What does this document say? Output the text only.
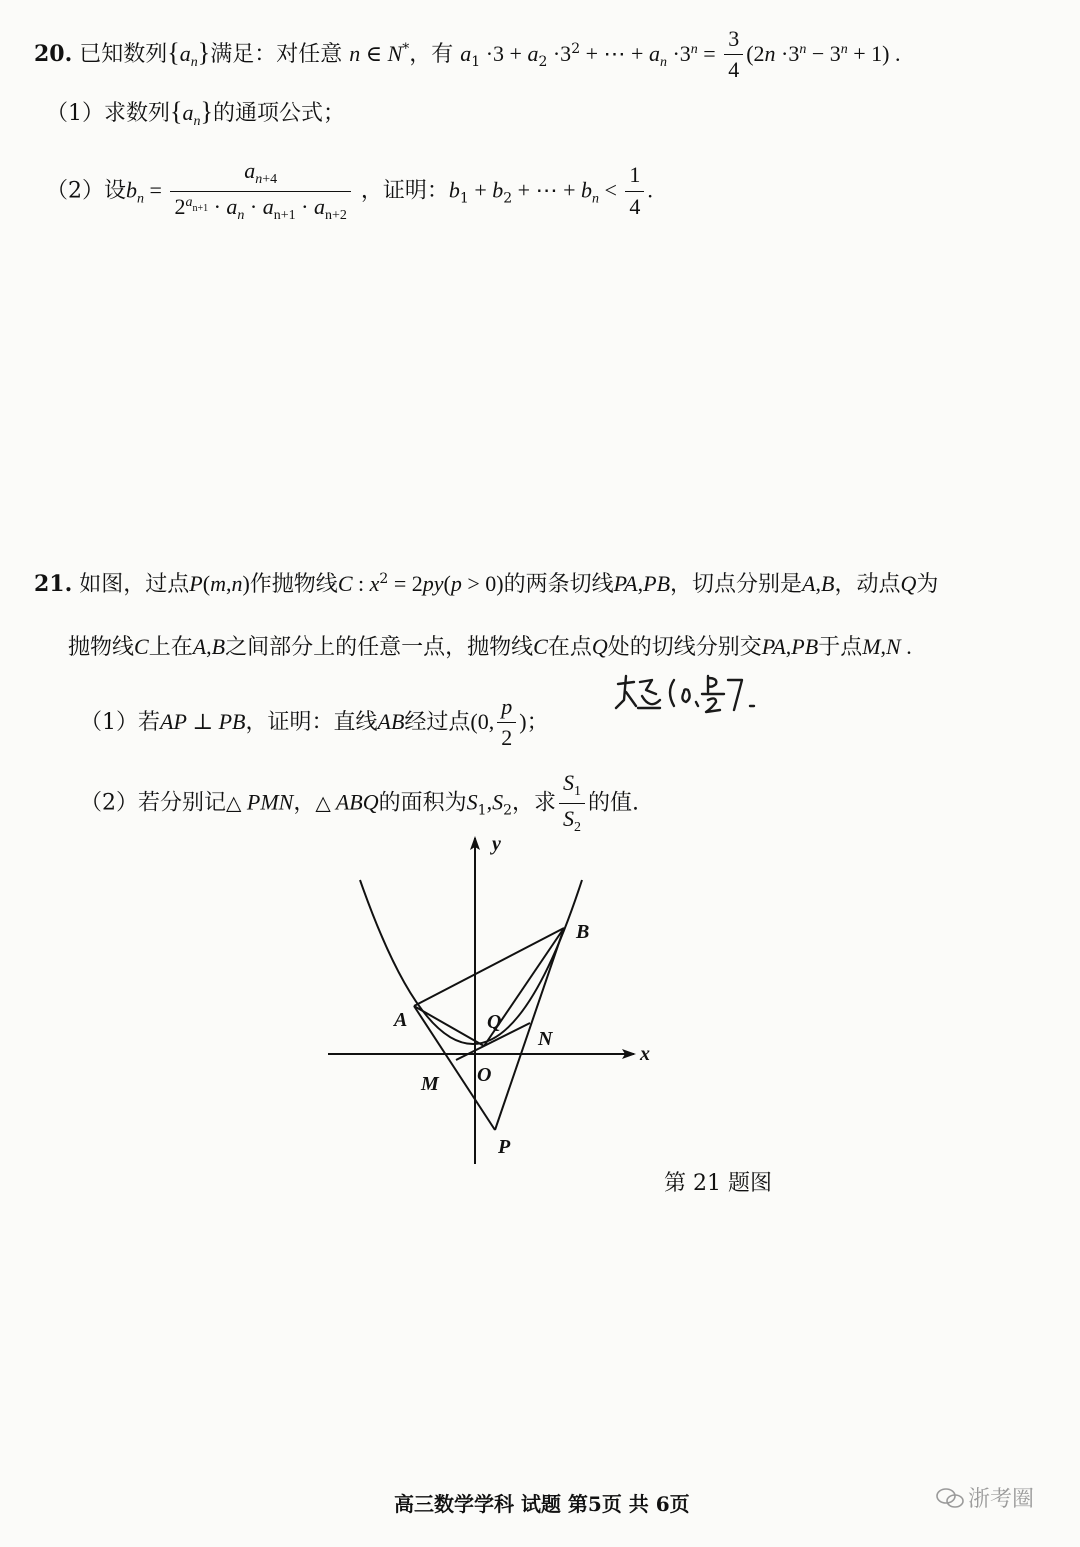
20. 已知数列$\{a_n\}$满足：对任意 n ∈ N*，有 $a_1 \cdot 3 + a_2 \cdot 3^2$ + ⋯ + $a_n \cdot 3^n = \frac{3}{4} (2n \cdot 3^n - 3^n + 1)$ .
（1）求数列$\{a_n\}$的通项公式；
（2）设$b_n = \frac{a_{n+4}}{2^{a_{n+1}} \cdot a_n \cdot a_{n+1} \cdot a_{n+2}}$ ，证明：$b_1 + b_2$ + ⋯ + $b_n < \frac{1}{4}$ .
21. 如图，过点P(m,n)作抛物线C : $x^2 = 2py(p > 0)$的两条切线PA,PB，切点分别是A,B，动点Q为
抛物线C上在A,B之间部分上的任意一点，抛物线C在点Q处的切线分别交PA,PB于点M,N .
（1）若AP ⊥ PB，证明：直线AB经过点(0, $\frac{p}{2}$ )；
（2）若分别记△ PMN，△ ABQ的面积为$S_1,S_2$，求 $\frac{S_1}{S_2}$ 的值.
y
x
B
A	Q
N
M O
P
第 21 题图
高三数学学科 试题 第5页 共 6页	浙考圈
